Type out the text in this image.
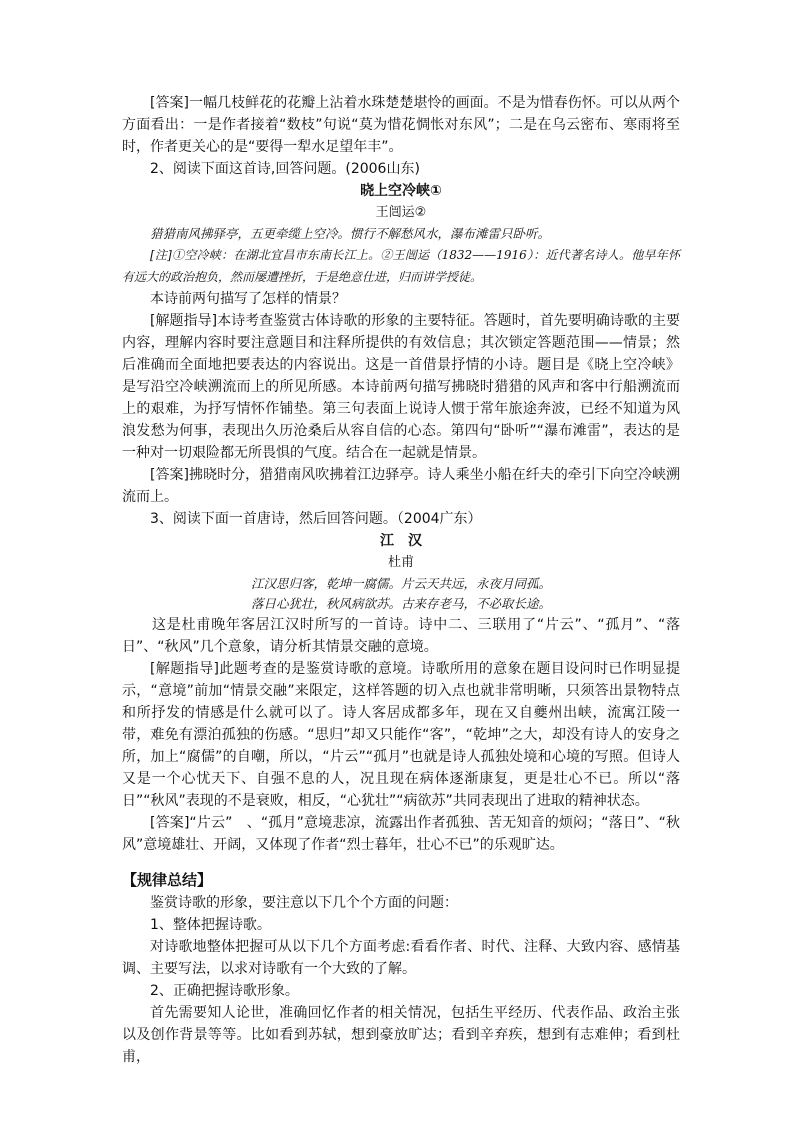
[答案]一幅几枝鲜花的花瓣上沾着水珠楚楚堪怜的画面。不是为惜春伤怀。可以从两个方面看出：一是作者接着“数枝”句说“莫为惜花惆怅对东风”；二是在乌云密布、寒雨将至时，作者更关心的是“要得一犁水足望年丰”。

2、阅读下面这首诗,回答问题。(2006山东)

晓上空冷峡①

王闿运②

猎猎南风拂驿亭，五更牵缆上空冷。惯行不解愁风水，瀑布滩雷只卧听。

[注]①空冷峡：在湖北宜昌市东南长江上。②王闿运（1832——1916）：近代著名诗人。他早年怀有远大的政治抱负，然而屡遭挫折，于是绝意仕进，归而讲学授徒。

本诗前两句描写了怎样的情景？

[解题指导]本诗考查鉴赏古体诗歌的形象的主要特征。答题时，首先要明确诗歌的主要内容，理解内容时要注意题目和注释所提供的有效信息；其次锁定答题范围——情景；然后准确而全面地把要表达的内容说出。这是一首借景抒情的小诗。题目是《晓上空冷峡》是写沿空冷峡溯流而上的所见所感。本诗前两句描写拂晓时猎猎的风声和客中行船溯流而上的艰难，为抒写情怀作铺垫。第三句表面上说诗人惯于常年旅途奔波，已经不知道为风浪发愁为何事，表现出久历沧桑后从容自信的心态。第四句“卧听”“瀑布滩雷”，表达的是一种对一切艰险都无所畏惧的气度。结合在一起就是情景。

[答案]拂晓时分，猎猎南风吹拂着江边驿亭。诗人乘坐小船在纤夫的牵引下向空冷峡溯流而上。

3、阅读下面一首唐诗，然后回答问题。（2004广东）

江　汉

杜甫

江汉思归客，乾坤一腐儒。片云天共远，永夜月同孤。

落日心犹壮，秋风病欲苏。古来存老马，不必取长途。

这是杜甫晚年客居江汉时所写的一首诗。诗中二、三联用了“片云”、“孤月”、“落日”、“秋风”几个意象，请分析其情景交融的意境。

[解题指导]此题考查的是鉴赏诗歌的意境。诗歌所用的意象在题目设问时已作明显提示，“意境”前加“情景交融”来限定，这样答题的切入点也就非常明晰，只须答出景物特点和所抒发的情感是什么就可以了。诗人客居成都多年，现在又自夔州出峡，流寓江陵一带，难免有漂泊孤独的伤感。“思归”却又只能作“客”，“乾坤”之大，却没有诗人的安身之所，加上“腐儒”的自嘲，所以，“片云”“孤月”也就是诗人孤独处境和心境的写照。但诗人又是一个心忧天下、自强不息的人，况且现在病体逐渐康复，更是壮心不已。所以“落日”“秋风”表现的不是衰败，相反，“心犹壮”“病欲苏”共同表现出了进取的精神状态。

[答案]“片云”　、“孤月”意境悲凉，流露出作者孤独、苦无知音的烦闷；“落日”、“秋风”意境雄壮、开阔，又体现了作者“烈士暮年，壮心不已”的乐观旷达。

【规律总结】

鉴赏诗歌的形象，要注意以下几个个方面的问题：

1、整体把握诗歌。

对诗歌地整体把握可从以下几个方面考虑:看看作者、时代、注释、大致内容、感情基调、主要写法，以求对诗歌有一个大致的了解。

2、正确把握诗歌形象。

首先需要知人论世，准确回忆作者的相关情况，包括生平经历、代表作品、政治主张以及创作背景等等。比如看到苏轼，想到豪放旷达；看到辛弃疾，想到有志难伸；看到杜甫，
